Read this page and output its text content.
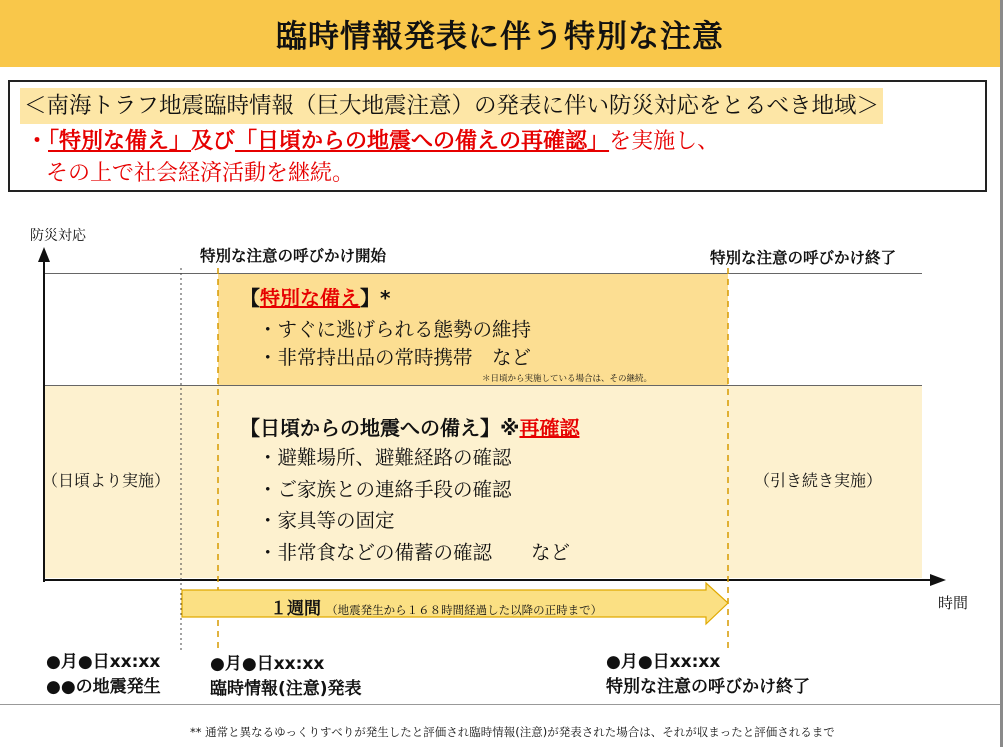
臨時情報発表に伴う特別な注意
＜南海トラフ地震臨時情報（巨大地震注意）の発表に伴い防災対応をとるべき地域＞
・「特別な備え」及び「日頃からの地震への備えの再確認」を実施し、
その上で社会経済活動を継続。
防災対応
時間
特別な注意の呼びかけ開始	特別な注意の呼びかけ終了
【特別な備え】*
・すぐに逃げられる態勢の維持
・非常持出品の常時携帯　など
＊日頃から実施している場合は、その継続。
【日頃からの地震への備え】※再確認
・避難場所、避難経路の確認
・ご家族との連絡手段の確認
・家具等の固定
・非常食などの備蓄の確認　　など
（日頃より実施）	（引き続き実施）
１週間 （地震発生から１６８時間経過した以降の正時まで）
●月●日xx:xx
●●の地震発生
●月●日xx:xx
臨時情報(注意)発表
●月●日xx:xx
特別な注意の呼びかけ終了
** 通常と異なるゆっくりすべりが発生したと評価され臨時情報(注意)が発表された場合は、それが収まったと評価されるまで
